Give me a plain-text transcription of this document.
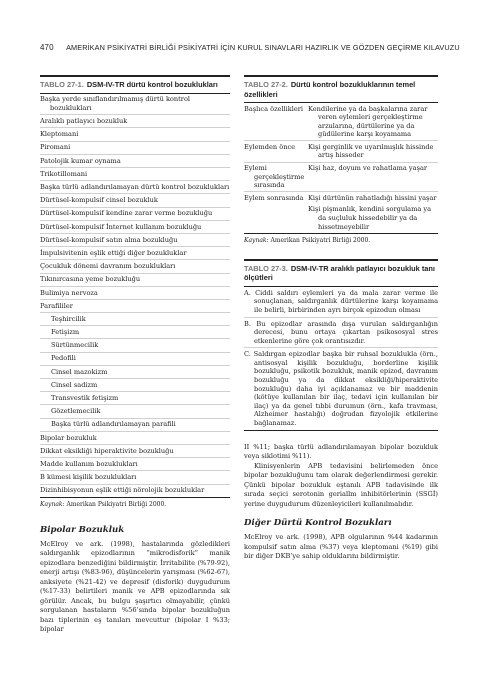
470 AMERİKAN PSİKİYATRİ BİRLİĞİ PSİKİYATRİ İÇİN KURUL SINAVLARI HAZIRLIK VE GÖZDEN GEÇİRME KILAVUZU
TABLO 27-1. DSM-IV-TR dürtü kontrol bozuklukları
Başka yerde sınıflandırılmamış dürtü kontrol bozuklukları
Aralıklı patlayıcı bozukluk
Kleptomani
Piromani
Patolojik kumar oynama
Trikotillomani
Başka türlü adlandırılamayan dürtü kontrol bozuklukları
Dürtüsel-kompulsif cinsel bozukluk
Dürtüsel-kompulsif kendine zarar verme bozukluğu
Dürtüsel-kompulsif İnternet kullanım bozukluğu
Dürtüsel-kompulsif satın alma bozukluğu
İmpulsivitenin eşlik ettiği diğer bozukluklar
Çocukluk dönemi davranım bozuklukları
Tıkınırcasına yeme bozukluğu
Bulimiya nervoza
Parafililer
Teşhircilik
Fetişizm
Sürtünmecilik
Pedofili
Cinsel mazokizm
Cinsel sadizm
Transvestik fetişizm
Gözetlemecilik
Başka türlü adlandırılamayan parafili
Bipolar bozukluk
Dikkat eksikliği hiperaktivite bozukluğu
Madde kullanım bozuklukları
B kümesi kişilik bozuklukları
Dizinhibisyonun eşlik ettiği nörolojik bozukluklar
Kaynak: Amerikan Psikiyatri Birliği 2000.
Bipolar Bozukluk

McElroy ve ark. (1998), hastalarında gözledikleri saldırganlık epizodlarının “mikrodisforik” manik epizodlara benzediğini bildirmiştir. İrritabilite (%79-92), enerji artışı (%83-96), düşüncelerin yarışması (%62-67), anksiyete (%21-42) ve depresif (disforik) duygudurum (%17-33) belirtileri manik ve APB epizodlarında sık görülür. Ancak, bu bulgu şaşırtıcı olmayabilir, çünkü sorgulanan hastaların %56’sında bipolar bozukluğun bazı tiplerinin eş tanıları mevcuttur (bipolar I %33; bipolar

TABLO 27-2. Dürtü kontrol bozukluklarının temel özellikleri
Başlıca özellikleri Kendilerine ya da başkalarına zarar veren eylemleri gerçekleştirme arzularına, dürtülerine ya da güdülerine karşı koyamama
Eylemden önce	Kişi gerginlik ve uyarılmışlık hissinde artış hisseder
Eylemi gerçekleştirme sırasında
Kişi haz, doyum ve rahatlama yaşar
Eylem sonrasında Kişi dürtünün rahatladığı hissini yaşar
Kişi pişmanlık, kendini sorgulama ya da suçluluk hissedebilir ya da hissetmeyebilir
Kaynak: Amerikan Psikiyatri Birliği 2000.
TABLO 27-3. DSM-IV-TR aralıklı patlayıcı bozukluk tanı ölçütleri
A. Ciddi saldırı eylemleri ya da mala zarar verme ile sonuçlanan, saldırganlık dürtülerine karşı koyamama ile belirli, birbirinden ayrı birçok epizodun olması
B. Bu epizodlar arasında dışa vurulan saldırganlığın derecesi, bunu ortaya çıkartan psikososyal stres etkenlerine göre çok orantısızdır.
C. Saldırgan epizodlar başka bir ruhsal bozuklukla (örn., antisosyal kişilik bozukluğu, borderline kişilik bozukluğu, psikotik bozukluk, manik epizod, davranım bozukluğu ya da dikkat eksikliği/hiperaktivite bozukluğu) daha iyi açıklanamaz ve bir maddenin (kötüye kullanılan bir ilaç, tedavi için kullanılan bir ilaç) ya da genel tıbbi durumun (örn., kafa travması, Alzheimer hastalığı) doğrudan fizyolojik etkilerine bağlanamaz.

II %11; başka türlü adlandırılamayan bipolar bozukluk veya siklotimi %11).

Klinisyenlerin APB tedavisini belirlemeden önce bipolar bozukluğunu tam olarak değerlendirmesi gerekir. Çünkü bipolar bozukluk eştanılı APB tadavisinde ilk sırada seçici serotonin geriallm inhibitörlerinin (SSGİ) yerine duygudurum düzenleyicileri kullanılmalıdır.

Diğer Dürtü Kontrol Bozukları

McElroy ve ark. (1998), APB olgularının %44 kadarının kompulsif satın alma (%37) veya kleptomani (%19) gibi bir diğer DKB’ye sahip olduklarını bildirmiştir.
